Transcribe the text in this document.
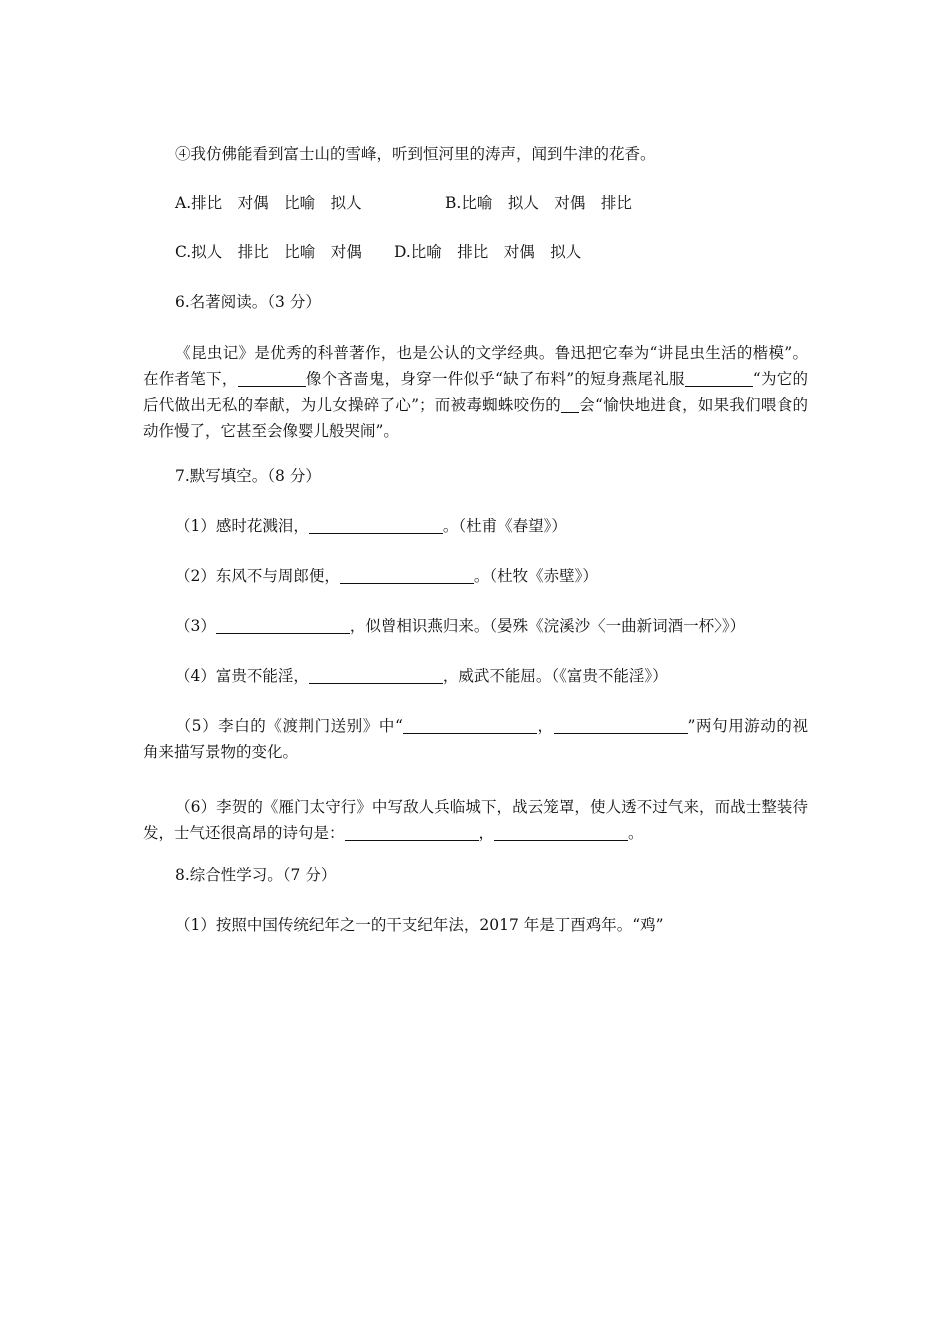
④我仿佛能看到富士山的雪峰，听到恒河里的涛声，闻到牛津的花香。
A.排比　对偶　比喻　拟人	B.比喻　拟人　对偶　排比
C.拟人　排比　比喻　对偶 D.比喻　排比　对偶　拟人
6.名著阅读。（3 分）
《昆虫记》是优秀的科普著作，也是公认的文学经典。鲁迅把它奉为“讲昆虫生活的楷模”。在作者笔下，	像个吝啬鬼，身穿一件似乎“缺了布料”的短身燕尾礼服	“为它的后代做出无私的奉献，为儿女操碎了心”；而被毒蜘蛛咬伤的 会“愉快地进食，如果我们喂食的动作慢了，它甚至会像婴儿般哭闹”。
7.默写填空。（8 分）
（1）感时花溅泪，	。（杜甫《春望》）
（2）东风不与周郎便，	。（杜牧《赤壁》）
（3）	，似曾相识燕归来。（晏殊《浣溪沙〈一曲新词酒一杯〉》）
（4）富贵不能淫，	，威武不能屈。（《富贵不能淫》）
（5）李白的《渡荆门送别》中“	，	”两句用游动的视角来描写景物的变化。
（6）李贺的《雁门太守行》中写敌人兵临城下，战云笼罩，使人透不过气来，而战士整装待发，士气还很高昂的诗句是：	，	。
8.综合性学习。（7 分）
（1）按照中国传统纪年之一的干支纪年法，2017 年是丁酉鸡年。“鸡”
